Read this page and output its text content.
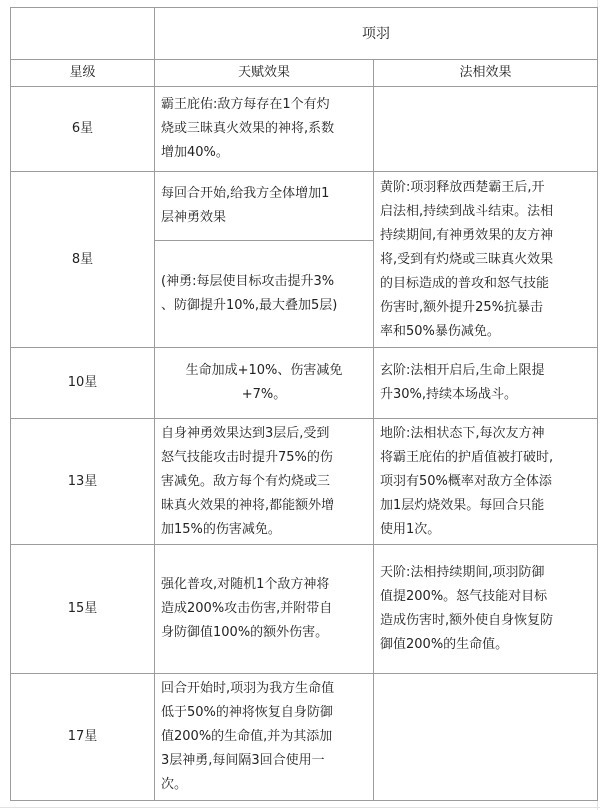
项羽
星级	天赋效果	法相效果
6星
霸王庇佑:敌方每存在1个有灼
烧或三昧真火效果的神将,系数
增加40%。
8星
每回合开始,给我方全体增加1
层神勇效果
(神勇:每层使目标攻击提升3%
、防御提升10%,最大叠加5层)
黄阶:项羽释放西楚霸王后,开
启法相,持续到战斗结束。法相
持续期间,有神勇效果的友方神
将,受到有灼烧或三昧真火效果
的目标造成的普攻和怒气技能
伤害时,额外提升25%抗暴击
率和50%暴伤减免。
10星
生命加成+10%、伤害减免
+7%。
玄阶:法相开启后,生命上限提
升30%,持续本场战斗。
13星
自身神勇效果达到3层后,受到
怒气技能攻击时提升75%的伤
害减免。敌方每个有灼烧或三
昧真火效果的神将,都能额外增
加15%的伤害减免。
地阶:法相状态下,每次友方神
将霸王庇佑的护盾值被打破时,
项羽有50%概率对敌方全体添
加1层灼烧效果。每回合只能
使用1次。
15星
强化普攻,对随机1个敌方神将
造成200%攻击伤害,并附带自
身防御值100%的额外伤害。
天阶:法相持续期间,项羽防御
值提200%。怒气技能对目标
造成伤害时,额外使自身恢复防
御值200%的生命值。
17星
回合开始时,项羽为我方生命值
低于50%的神将恢复自身防御
值200%的生命值,并为其添加
3层神勇,每间隔3回合使用一
次。
